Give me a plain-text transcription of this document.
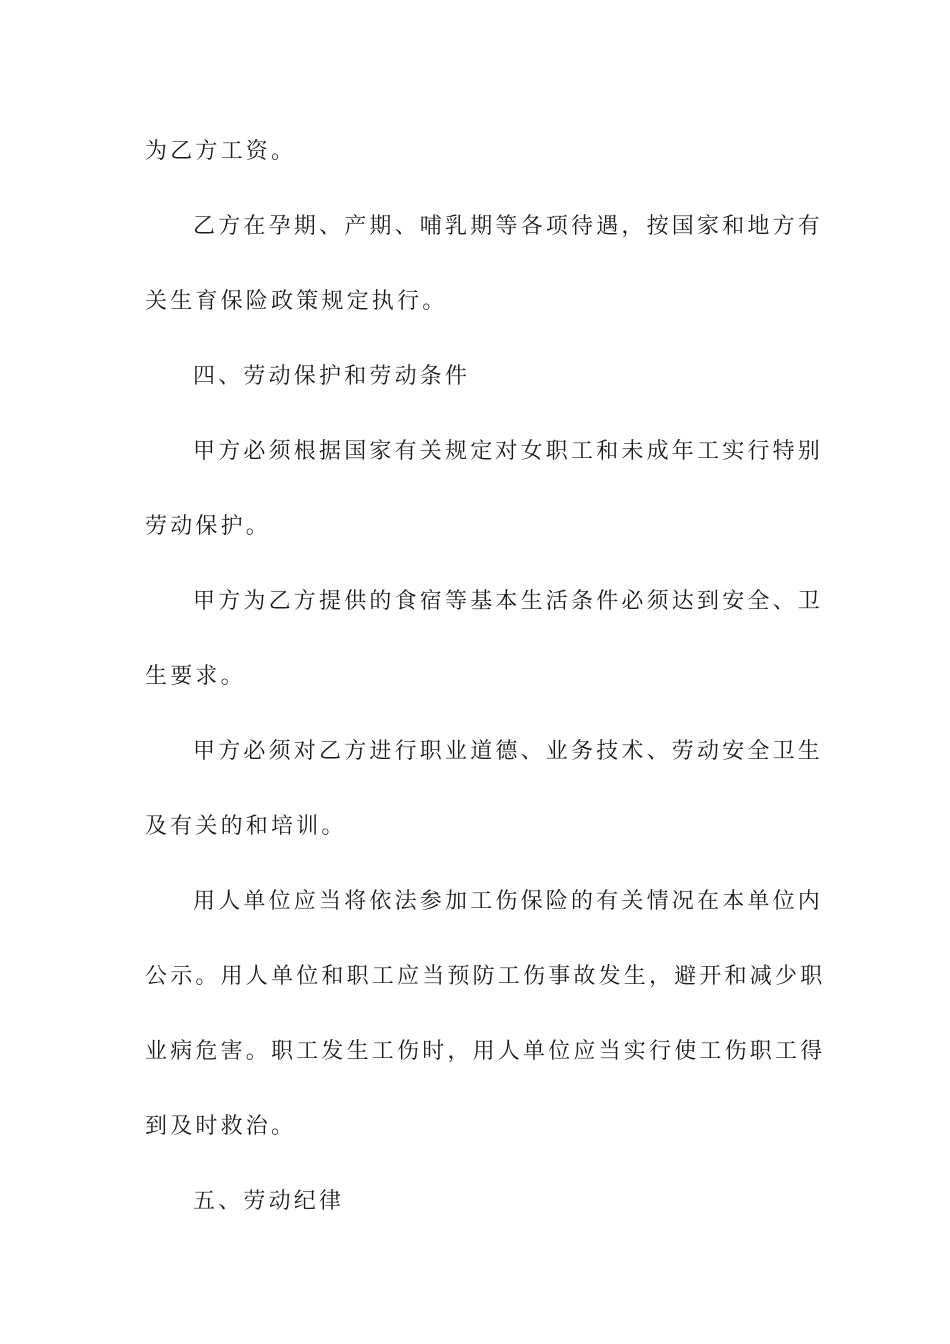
为乙方工资。
乙方在孕期、产期、哺乳期等各项待遇，按国家和地方有
关生育保险政策规定执行。
四、劳动保护和劳动条件
甲方必须根据国家有关规定对女职工和未成年工实行特别
劳动保护。
甲方为乙方提供的食宿等基本生活条件必须达到安全、卫
生要求。
甲方必须对乙方进行职业道德、业务技术、劳动安全卫生
及有关的和培训。
用人单位应当将依法参加工伤保险的有关情况在本单位内
公示。用人单位和职工应当预防工伤事故发生，避开和减少职
业病危害。职工发生工伤时，用人单位应当实行使工伤职工得
到及时救治。
五、劳动纪律
